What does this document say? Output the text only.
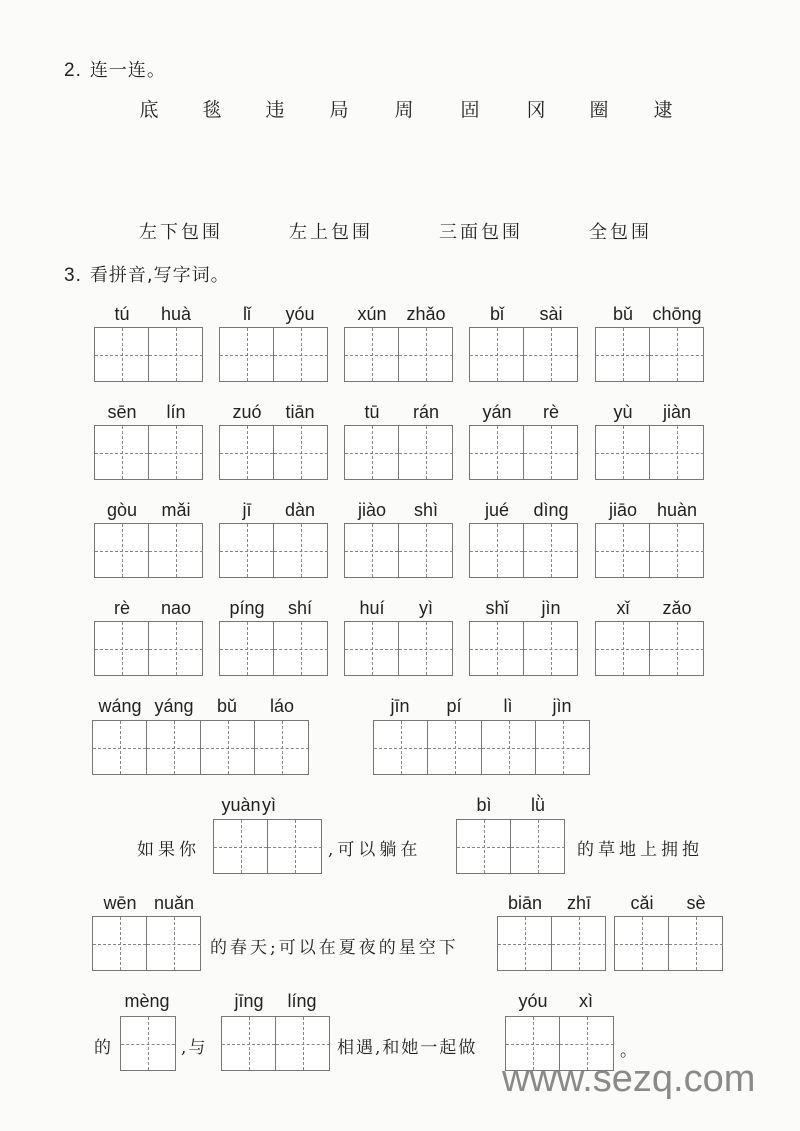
2. 连一连。
底 毯 违 局 周 固 冈 圈 逮
左下包围	左上包围	三面包围	全包围
3. 看拼音,写字词。
tú huà	lǐ yóu xún zhǎo bǐ sài	bǔ chōng
sēn lín	zuó tiān	tū rán yán rè	yù jiàn
gòu mǎi	jī dàn jiào shì	jué dìng jiāo huàn
rè nao píng shí	huí yì	shǐ jìn	xǐ zǎo
wáng yáng bǔ láo	jīn pí lì jìn
如果你
yuàn yì
,可以躺在
bì lǜ
的草地上拥抱
wēn nuǎn
的春天;可以在夏夜的星空下
biān zhī cǎi sè
的
mèng
,与
jīng líng
相遇,和她一起做
yóu xì
。
www.sezq.com
